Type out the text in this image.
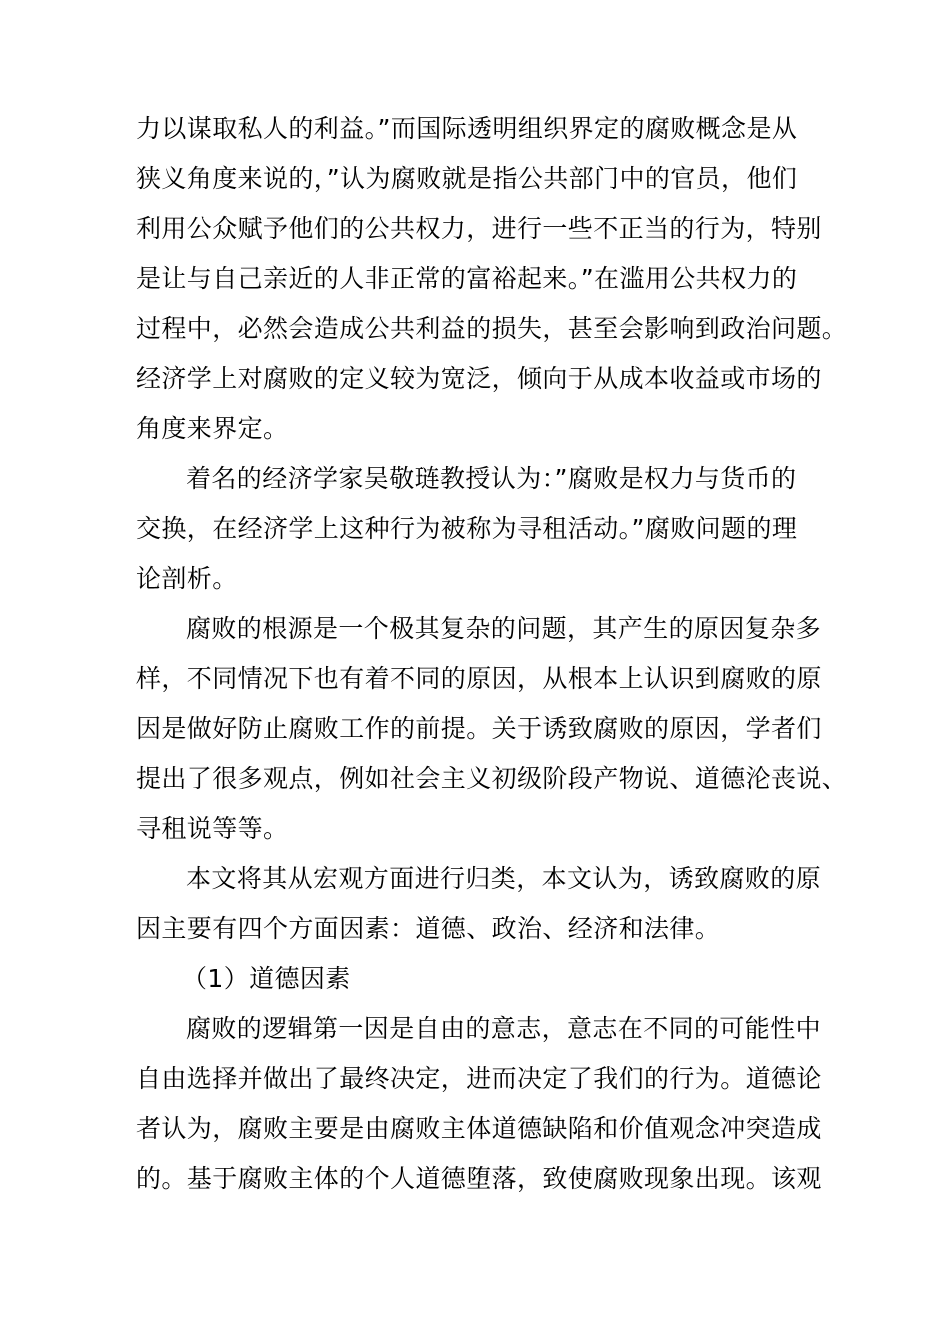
力以谋取私人的利益。”而国际透明组织界定的腐败概念是从
狭义角度来说的，”认为腐败就是指公共部门中的官员，他们
利用公众赋予他们的公共权力，进行一些不正当的行为，特别
是让与自己亲近的人非正常的富裕起来。”在滥用公共权力的
过程中，必然会造成公共利益的损失，甚至会影响到政治问题。
经济学上对腐败的定义较为宽泛，倾向于从成本收益或市场的
角度来界定。
着名的经济学家吴敬琏教授认为：”腐败是权力与货币的
交换，在经济学上这种行为被称为寻租活动。”腐败问题的理
论剖析。
腐败的根源是一个极其复杂的问题，其产生的原因复杂多
样，不同情况下也有着不同的原因，从根本上认识到腐败的原
因是做好防止腐败工作的前提。关于诱致腐败的原因，学者们
提出了很多观点，例如社会主义初级阶段产物说、道德沦丧说、
寻租说等等。
本文将其从宏观方面进行归类，本文认为，诱致腐败的原
因主要有四个方面因素：道德、政治、经济和法律。
（1）道德因素
腐败的逻辑第一因是自由的意志，意志在不同的可能性中
自由选择并做出了最终决定，进而决定了我们的行为。道德论
者认为，腐败主要是由腐败主体道德缺陷和价值观念冲突造成
的。基于腐败主体的个人道德堕落，致使腐败现象出现。该观
